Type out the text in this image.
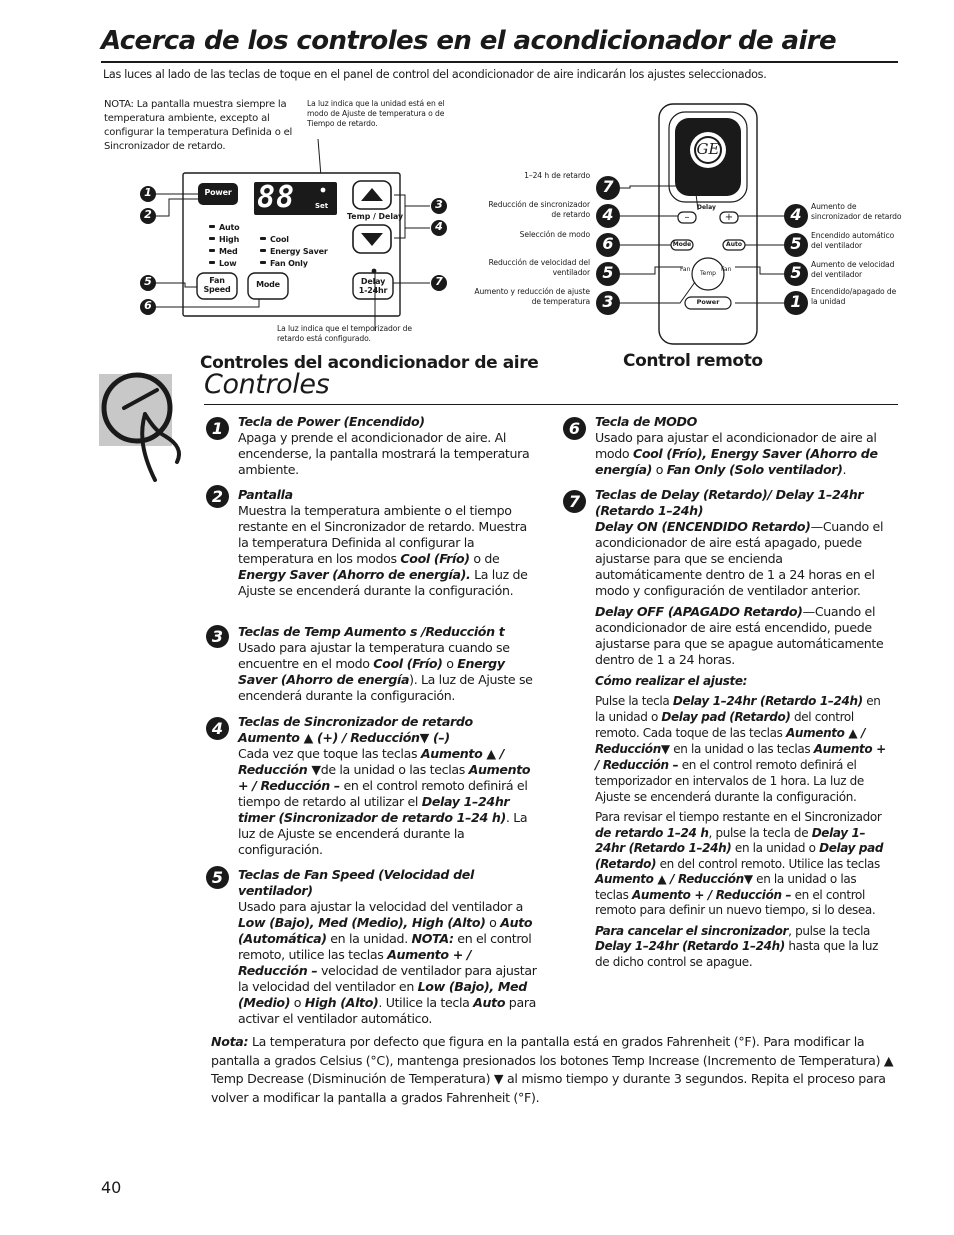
Acerca de los controles en el acondicionador de aire
Las luces al lado de las teclas de toque en el panel de control del acondicionador de aire indicarán los ajustes seleccionados.
NOTA: La pantalla muestra siempre la temperatura ambiente, excepto al configurar la temperatura Definida o el Sincronizador de retardo.
La luz indica que la unidad está en el modo de Ajuste de temperatura o de Tiempo de retardo.
Power 88	Set
Temp / Delay
Auto
High
Med
Low
Cool
Energy Saver
Fan Only
Fan Speed
Mode	Delay
1-24hr
1
2
3
4
5
6
7
La luz indica que el temporizador de retardo está configurado.
Controles del acondicionador de aire
GE
Delay
–	+
Mode	Auto
Fan	Fan
Temp
Power
1–24 h de retardo
Reducción de sincronizador de retardo
Selección de modo
Reducción de velocidad del ventilador
Aumento y reducción de ajuste de temperatura
7
4
6
5
3
4
5
5
1
Aumento de sincronizador de retardo
Encendido automático del ventilador
Aumento de velocidad del ventilador
Encendido/apagado de la unidad
Control remoto
Controles
1	Tecla de Power (Encendido)

Apaga y prende el acondicionador de aire. Al encenderse, la pantalla mostrará la temperatura ambiente.

2	Pantalla

Muestra la temperatura ambiente o el tiempo restante en el Sincronizador de retardo. Muestra la temperatura Definida al configurar la temperatura en los modos Cool (Frío) o de Energy Saver (Ahorro de energía). La luz de Ajuste se encenderá durante la configuración.

3	Teclas de Temp Aumento s /Reducción t

Usado para ajustar la temperatura cuando se encuentre en el modo Cool (Frío) o Energy Saver (Ahorro de energía). La luz de Ajuste se encenderá durante la configuración.

4	Teclas de Sincronizador de retardo Aumento ▲ (+) / Reducción▼ (–)

Cada vez que toque las teclas Aumento ▲ / Reducción ▼de la unidad o las teclas Aumento + / Reducción – en el control remoto definirá el tiempo de retardo al utilizar el Delay 1–24hr timer (Sincronizador de retardo 1–24 h). La luz de Ajuste se encenderá durante la configuración.

5	Teclas de Fan Speed (Velocidad del ventilador)

Usado para ajustar la velocidad del ventilador a Low (Bajo), Med (Medio), High (Alto) o Auto (Automática) en la unidad. NOTA: en el control remoto, utilice las teclas Aumento + / Reducción – velocidad de ventilador para ajustar la velocidad del ventilador en Low (Bajo), Med (Medio) o High (Alto). Utilice la tecla Auto para activar el ventilador automático.

6	Tecla de MODO

Usado para ajustar el acondicionador de aire al modo Cool (Frío), Energy Saver (Ahorro de energía) o Fan Only (Solo ventilador).

7	Teclas de Delay (Retardo)/ Delay 1–24hr (Retardo 1–24h)

Delay ON (ENCENDIDO Retardo)—Cuando el acondicionador de aire está apagado, puede ajustarse para que se encienda automáticamente dentro de 1 a 24 horas en el modo y configuración de ventilador anterior.

Delay OFF (APAGADO Retardo)—Cuando el acondicionador de aire está encendido, puede ajustarse para que se apague automáticamente dentro de 1 a 24 horas.

Cómo realizar el ajuste:

Pulse la tecla Delay 1–24hr (Retardo 1–24h) en la unidad o Delay pad (Retardo) del control remoto. Cada toque de las teclas Aumento ▲ / Reducción▼ en la unidad o las teclas Aumento + / Reducción – en el control remoto definirá el temporizador en intervalos de 1 hora. La luz de Ajuste se encenderá durante la configuración.

Para revisar el tiempo restante en el Sincronizador de retardo 1–24 h, pulse la tecla de Delay 1–24hr (Retardo 1–24h) en la unidad o Delay pad (Retardo) en del control remoto. Utilice las teclas Aumento ▲ / Reducción▼ en la unidad o las teclas Aumento + / Reducción – en el control remoto para definir un nuevo tiempo, si lo desea.

Para cancelar el sincronizador, pulse la tecla Delay 1–24hr (Retardo 1–24h) hasta que la luz de dicho control se apague.

Nota: La temperatura por defecto que figura en la pantalla está en grados Fahrenheit (°F). Para modificar la pantalla a grados Celsius (°C), mantenga presionados los botones Temp Increase (Incremento de Temperatura) ▲ Temp Decrease (Disminución de Temperatura) ▼ al mismo tiempo y durante 3 segundos. Repita el proceso para volver a modificar la pantalla a grados Fahrenheit (°F).
40
